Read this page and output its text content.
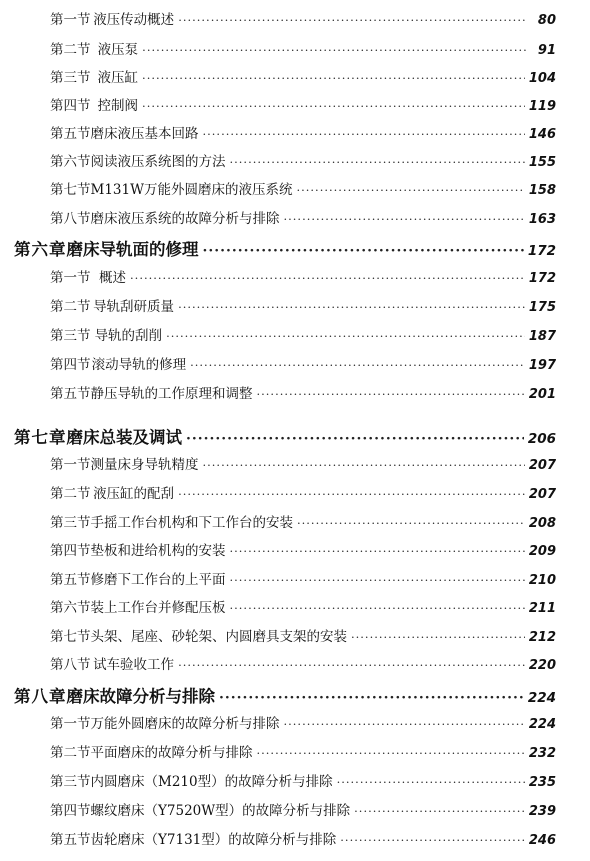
第一节 液压传动概述 ·····	80
第二节 液压泵 ·····	91
第三节 液压缸 ·····	104
第四节 控制阀 ·····	119
第五节 磨床液压基本回路 ·····	146
第六节 阅读液压系统图的方法 ·····	155
第七节 M131W万能外圆磨床的液压系统 ·····	158
第八节 磨床液压系统的故障分析与排除 ·····	163
第六章 磨床导轨面的修理 ·····	172
第一节 概述 ·····	172
第二节 导轨刮研质量 ·····	175
第三节 导轨的刮削 ·····	187
第四节 滚动导轨的修理 ·····	197
第五节 静压导轨的工作原理和调整 ·····	201
第七章 磨床总装及调试 ·····	206
第一节 测量床身导轨精度 ·····	207
第二节 液压缸的配刮 ·····	207
第三节 手摇工作台机构和下工作台的安装 ·····	208
第四节 垫板和进给机构的安装 ·····	209
第五节 修磨下工作台的上平面 ·····	210
第六节 装上工作台并修配压板 ·····	211
第七节 头架、尾座、砂轮架、内圆磨具支架的安装 ·····	212
第八节 试车验收工作 ·····	220
第八章 磨床故障分析与排除 ·····	224
第一节 万能外圆磨床的故障分析与排除 ·····	224
第二节 平面磨床的故障分析与排除 ·····	232
第三节 内圆磨床（M210型）的故障分析与排除 ·····	235
第四节 螺纹磨床（Y7520W型）的故障分析与排除 ·····	239
第五节 齿轮磨床（Y7131型）的故障分析与排除 ·····	246
